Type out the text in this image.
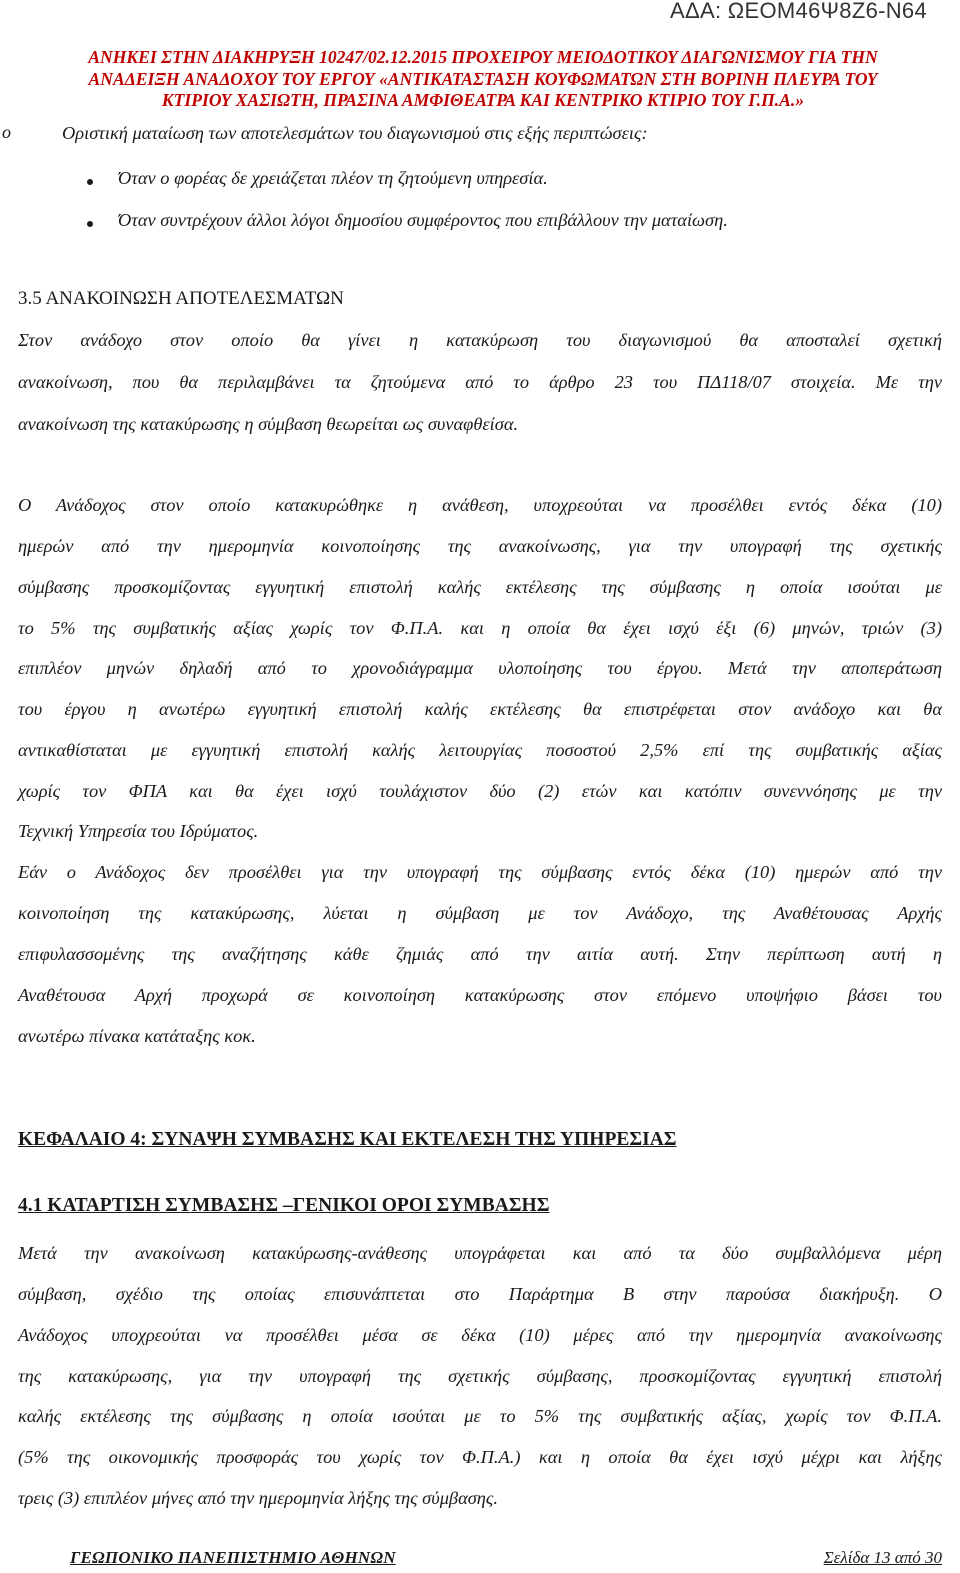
ΑΔΑ: ΩΕΟΜ46Ψ8Ζ6-Ν64
ΑΝΗΚΕΙ ΣΤΗΝ ΔΙΑΚΗΡΥΞΗ 10247/02.12.2015 ΠΡΟΧΕΙΡΟΥ ΜΕΙΟΔΟΤΙΚΟΥ ΔΙΑΓΩΝΙΣΜΟΥ ΓΙΑ ΤΗΝ
ΑΝΑΔΕΙΞΗ ΑΝΑΔΟΧΟΥ ΤΟΥ ΕΡΓΟΥ «ΑΝΤΙΚΑΤΑΣΤΑΣΗ ΚΟΥΦΩΜΑΤΩΝ ΣΤΗ ΒΟΡΙΝΗ ΠΛΕΥΡΑ ΤΟΥ
ΚΤΙΡΙΟΥ ΧΑΣΙΩΤΗ, ΠΡΑΣΙΝΑ ΑΜΦΙΘΕΑΤΡΑ ΚΑΙ ΚΕΝΤΡΙΚΟ ΚΤΙΡΙΟ ΤΟΥ Γ.Π.Α.»
o	Οριστική ματαίωση των αποτελεσμάτων του διαγωνισμού στις εξής περιπτώσεις:
Όταν ο φορέας δε χρειάζεται πλέον τη ζητούμενη υπηρεσία.
Όταν συντρέχουν άλλοι λόγοι δημοσίου συμφέροντος που επιβάλλουν την ματαίωση.
3.5 ΑΝΑΚΟΙΝΩΣΗ ΑΠΟΤΕΛΕΣΜΑΤΩΝ
Στον ανάδοχο στον οποίο θα γίνει η κατακύρωση του διαγωνισμού θα αποσταλεί σχετική
ανακοίνωση, που θα περιλαμβάνει τα ζητούμενα από το άρθρο 23 του ΠΔ118/07 στοιχεία. Με την
ανακοίνωση της κατακύρωσης η σύμβαση θεωρείται ως συναφθείσα.
Ο Ανάδοχος στον οποίο κατακυρώθηκε η ανάθεση, υποχρεούται να προσέλθει εντός δέκα (10)
ημερών από την ημερομηνία κοινοποίησης της ανακοίνωσης, για την υπογραφή της σχετικής
σύμβασης προσκομίζοντας εγγυητική επιστολή καλής εκτέλεσης της σύμβασης η οποία ισούται με
το 5% της συμβατικής αξίας χωρίς τον Φ.Π.Α. και η οποία θα έχει ισχύ έξι (6) μηνών, τριών (3)
επιπλέον μηνών δηλαδή από το χρονοδιάγραμμα υλοποίησης του έργου. Μετά την αποπεράτωση
του έργου η ανωτέρω εγγυητική επιστολή καλής εκτέλεσης θα επιστρέφεται στον ανάδοχο και θα
αντικαθίσταται με εγγυητική επιστολή καλής λειτουργίας ποσοστού 2,5% επί της συμβατικής αξίας
χωρίς τον ΦΠΑ και θα έχει ισχύ τουλάχιστον δύο (2) ετών και κατόπιν συνεννόησης με την
Τεχνική Υπηρεσία του Ιδρύματος.
Εάν ο Ανάδοχος δεν προσέλθει για την υπογραφή της σύμβασης εντός δέκα (10) ημερών από την
κοινοποίηση της κατακύρωσης, λύεται η σύμβαση με τον Ανάδοχο, της Αναθέτουσας Αρχής
επιφυλασσομένης της αναζήτησης κάθε ζημιάς από την αιτία αυτή. Στην περίπτωση αυτή η
Αναθέτουσα Αρχή προχωρά σε κοινοποίηση κατακύρωσης στον επόμενο υποψήφιο βάσει του
ανωτέρω πίνακα κατάταξης κοκ.
ΚΕΦΑΛΑΙΟ 4: ΣΥΝΑΨΗ ΣΥΜΒΑΣΗΣ ΚΑΙ ΕΚΤΕΛΕΣΗ ΤΗΣ ΥΠΗΡΕΣΙΑΣ
4.1 ΚΑΤΑΡΤΙΣΗ ΣΥΜΒΑΣΗΣ –ΓΕΝΙΚΟΙ ΟΡΟΙ ΣΥΜΒΑΣΗΣ
Μετά την ανακοίνωση κατακύρωσης-ανάθεσης υπογράφεται και από τα δύο συμβαλλόμενα μέρη
σύμβαση, σχέδιο της οποίας επισυνάπτεται στο Παράρτημα Β στην παρούσα διακήρυξη. Ο
Ανάδοχος υποχρεούται να προσέλθει μέσα σε δέκα (10) μέρες από την ημερομηνία ανακοίνωσης
της κατακύρωσης, για την υπογραφή της σχετικής σύμβασης, προσκομίζοντας εγγυητική επιστολή
καλής εκτέλεσης της σύμβασης η οποία ισούται με το 5% της συμβατικής αξίας, χωρίς τον Φ.Π.Α.
(5% της οικονομικής προσφοράς του χωρίς τον Φ.Π.Α.) και η οποία θα έχει ισχύ μέχρι και λήξης
τρεις (3) επιπλέον μήνες από την ημερομηνία λήξης της σύμβασης.
ΓΕΩΠΟΝΙΚΟ ΠΑΝΕΠΙΣΤΗΜΙΟ ΑΘΗΝΩΝ	Σελίδα 13 από 30
